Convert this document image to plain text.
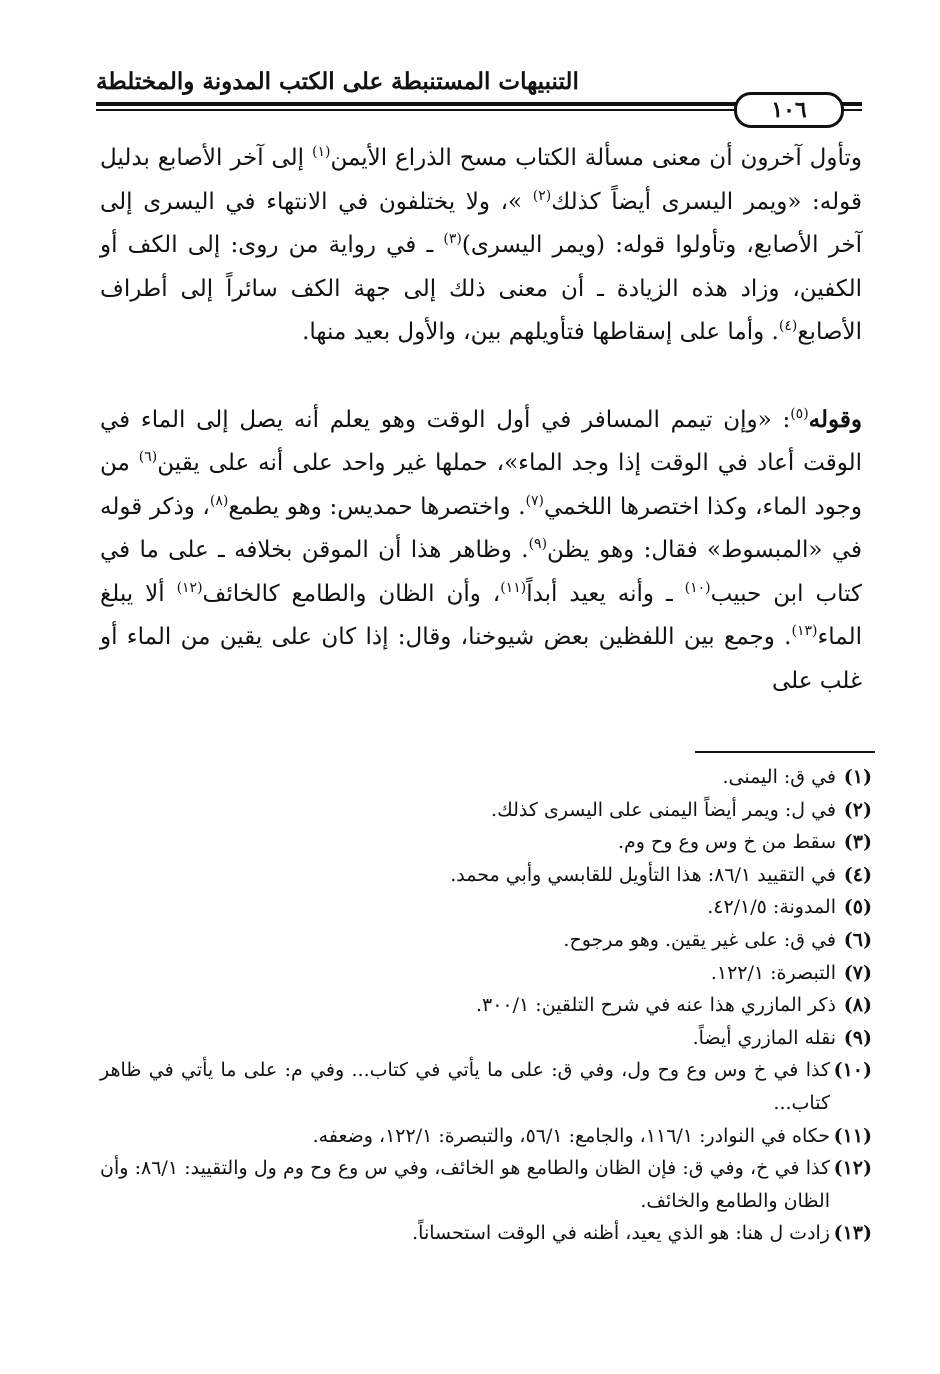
التنبيهات المستنبطة على الكتب المدونة والمختلطة
١٠٦

وتأول آخرون أن معنى مسألة الكتاب مسح الذراع الأيمن$^{(١)}$ إلى آخر الأصابع بدليل قوله: «ويمر اليسرى أيضاً كذلك$^{(٢)}$ »، ولا يختلفون في الانتهاء في اليسرى إلى آخر الأصابع، وتأولوا قوله: (ويمر اليسرى)$^{(٣)}$ ـ في رواية من روى: إلى الكف أو الكفين، وزاد هذه الزيادة ـ أن معنى ذلك إلى جهة الكف سائراً إلى أطراف الأصابع$^{(٤)}$. وأما على إسقاطها فتأويلهم بين، والأول بعيد منها.

وقوله$^{(٥)}$: «وإن تيمم المسافر في أول الوقت وهو يعلم أنه يصل إلى الماء في الوقت أعاد في الوقت إذا وجد الماء»، حملها غير واحد على أنه على يقين$^{(٦)}$ من وجود الماء، وكذا اختصرها اللخمي$^{(٧)}$. واختصرها حمديس: وهو يطمع$^{(٨)}$، وذكر قوله في «المبسوط» فقال: وهو يظن$^{(٩)}$. وظاهر هذا أن الموقن بخلافه ـ على ما في كتاب ابن حبيب$^{(١٠)}$ ـ وأنه يعيد أبداً$^{(١١)}$، وأن الظان والطامع كالخائف$^{(١٢)}$ ألا يبلغ الماء$^{(١٣)}$. وجمع بين اللفظين بعض شيوخنا، وقال: إذا كان على يقين من الماء أو غلب على

(١)
في ق: اليمنى.
(٢)
في ل: ويمر أيضاً اليمنى على اليسرى كذلك.
(٣)
سقط من خ وس وع وح وم.
(٤)
في التقييد ٨٦/١: هذا التأويل للقابسي وأبي محمد.
(٥)
المدونة: ٤٢/١/٥.
(٦)
في ق: على غير يقين. وهو مرجوح.
(٧)
التبصرة: ١٢٢/١.
(٨)
ذكر المازري هذا عنه في شرح التلقين: ٣٠٠/١.
(٩)
نقله المازري أيضاً.
(١٠)
كذا في خ وس وع وح ول، وفي ق: على ما يأتي في كتاب... وفي م: على ما يأتي في ظاهر كتاب...
(١١)
حكاه في النوادر: ١١٦/١، والجامع: ٥٦/١، والتبصرة: ١٢٢/١، وضعفه.
(١٢)
كذا في خ، وفي ق: فإن الظان والطامع هو الخائف، وفي س وع وح وم ول والتقييد: ٨٦/١: وأن الظان والطامع والخائف.
(١٣)
زادت ل هنا: هو الذي يعيد، أظنه في الوقت استحساناً.
